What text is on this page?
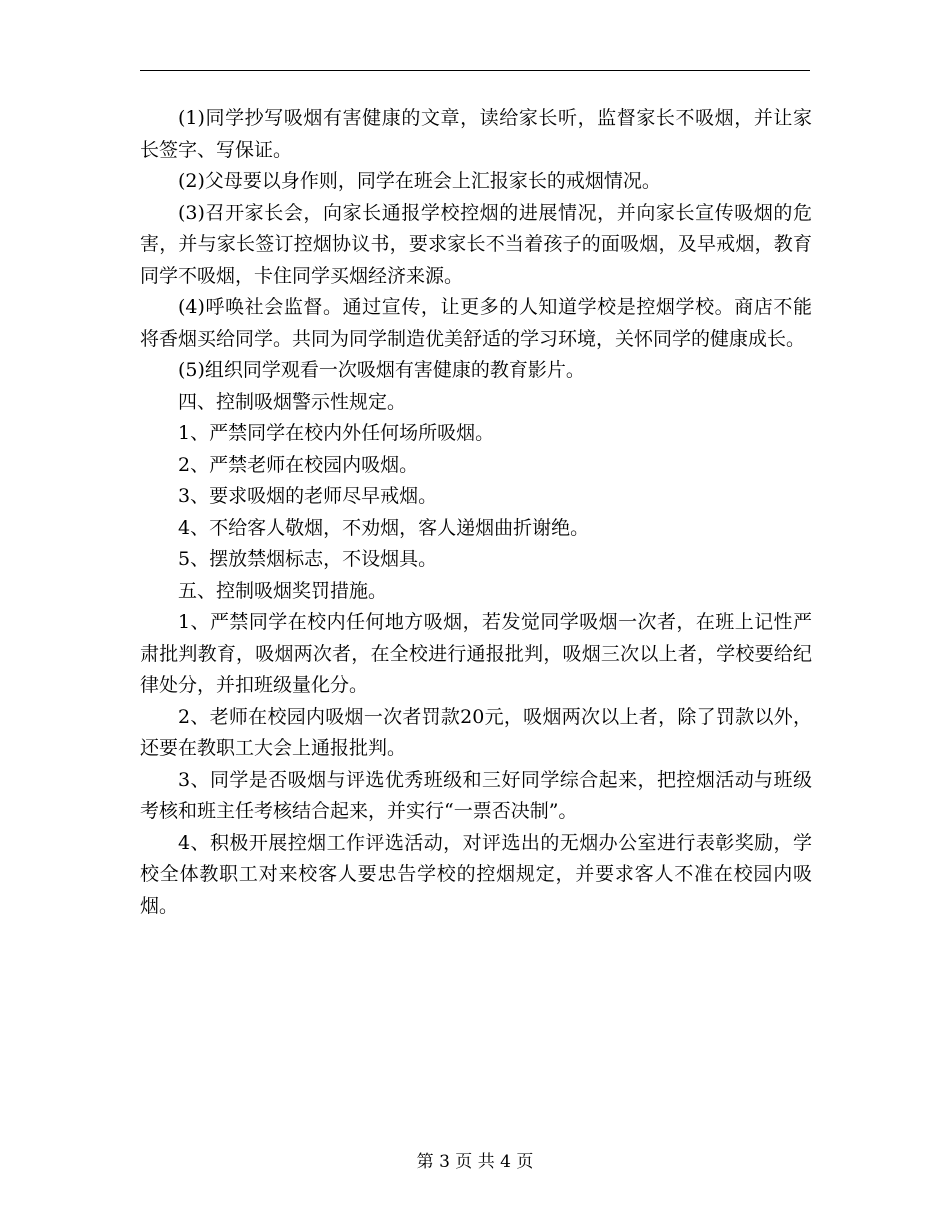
(1)同学抄写吸烟有害健康的文章，读给家长听，监督家长不吸烟，并让家长签字、写保证。

(2)父母要以身作则，同学在班会上汇报家长的戒烟情况。

(3)召开家长会，向家长通报学校控烟的进展情况，并向家长宣传吸烟的危害，并与家长签订控烟协议书，要求家长不当着孩子的面吸烟，及早戒烟，教育同学不吸烟，卡住同学买烟经济来源。

(4)呼唤社会监督。通过宣传，让更多的人知道学校是控烟学校。商店不能将香烟买给同学。共同为同学制造优美舒适的学习环境，关怀同学的健康成长。

(5)组织同学观看一次吸烟有害健康的教育影片。

四、控制吸烟警示性规定。

1、严禁同学在校内外任何场所吸烟。

2、严禁老师在校园内吸烟。

3、要求吸烟的老师尽早戒烟。

4、不给客人敬烟，不劝烟，客人递烟曲折谢绝。

5、摆放禁烟标志，不设烟具。

五、控制吸烟奖罚措施。

1、严禁同学在校内任何地方吸烟，若发觉同学吸烟一次者，在班上记性严肃批判教育，吸烟两次者，在全校进行通报批判，吸烟三次以上者，学校要给纪律处分，并扣班级量化分。

2、老师在校园内吸烟一次者罚款20元，吸烟两次以上者，除了罚款以外，还要在教职工大会上通报批判。

3、同学是否吸烟与评选优秀班级和三好同学综合起来，把控烟活动与班级考核和班主任考核结合起来，并实行“一票否决制”。

4、积极开展控烟工作评选活动，对评选出的无烟办公室进行表彰奖励，学校全体教职工对来校客人要忠告学校的控烟规定，并要求客人不准在校园内吸烟。

第 3 页 共 4 页
